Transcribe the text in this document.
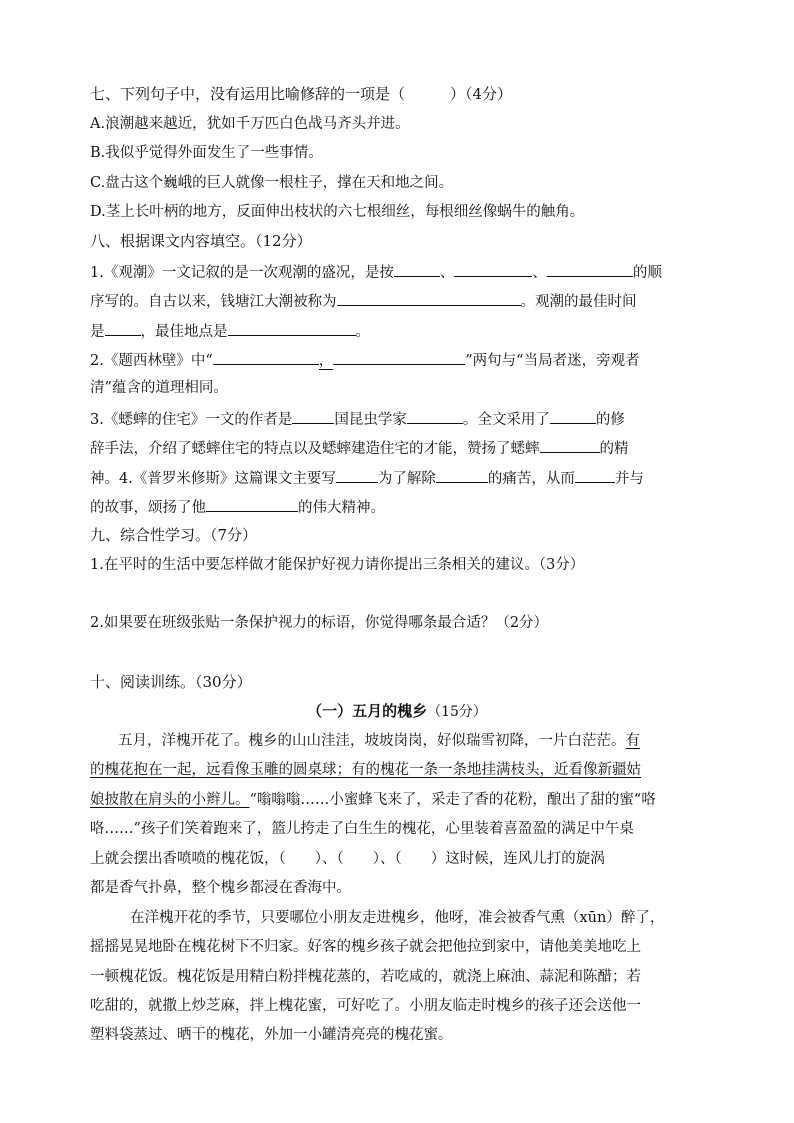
七、下列句子中，没有运用比喻修辞的一项是（　　　）（4分）
A.浪潮越来越近，犹如千万匹白色战马齐头并进。
B.我似乎觉得外面发生了一些事情。
C.盘古这个巍峨的巨人就像一根柱子，撑在天和地之间。
D.茎上长叶柄的地方，反面伸出枝状的六七根细丝，每根细丝像蜗牛的触角。
八、根据课文内容填空。（12分）
1.《观潮》一文记叙的是一次观潮的盛况，是按	、	、	的顺
序写的。自古以来，钱塘江大潮被称为	。观潮的最佳时间
是 ，最佳地点是	。
2.《题西林壁》中“	，	”两句与“当局者迷，旁观者
清”蕴含的道理相同。
3.《蟋蟀的住宅》一文的作者是	国昆虫学家	。全文采用了	的修
辞手法，介绍了蟋蟀住宅的特点以及蟋蟀建造住宅的才能，赞扬了蟋蟀	的精
神。4.《普罗米修斯》这篇课文主要写	为了解除	的痛苦，从而	并与
的故事，颂扬了他	的伟大精神。
九、综合性学习。（7分）
1.在平时的生活中要怎样做才能保护好视力请你提出三条相关的建议。（3分）
2.如果要在班级张贴一条保护视力的标语，你觉得哪条最合适？（2分）
十、阅读训练。（30分）
（一）五月的槐乡（15分）
五月，洋槐开花了。槐乡的山山洼洼，坡坡岗岗，好似瑞雪初降，一片白茫茫。有
的槐花抱在一起，远看像玉雕的圆桌球；有的槐花一条一条地挂满枝头，近看像新疆姑
娘披散在肩头的小辫儿。“嗡嗡嗡……小蜜蜂飞来了，采走了香的花粉，酿出了甜的蜜“咯
咯……”孩子们笑着跑来了，篮儿挎走了白生生的槐花，心里装着喜盈盈的满足中午桌
上就会摆出香喷喷的槐花饭，（　　）、（　　）、（　　）这时候，连风儿打的旋涡
都是香气扑鼻，整个槐乡都浸在香海中。
在洋槐开花的季节，只要哪位小朋友走进槐乡，他呀，准会被香气熏（xūn）醉了，
摇摇晃晃地卧在槐花树下不归家。好客的槐乡孩子就会把他拉到家中，请他美美地吃上
一顿槐花饭。槐花饭是用精白粉拌槐花蒸的，若吃咸的，就浇上麻油、蒜泥和陈醋；若
吃甜的，就撒上炒芝麻，拌上槐花蜜，可好吃了。小朋友临走时槐乡的孩子还会送他一
塑料袋蒸过、晒干的槐花，外加一小罐清亮亮的槐花蜜。
